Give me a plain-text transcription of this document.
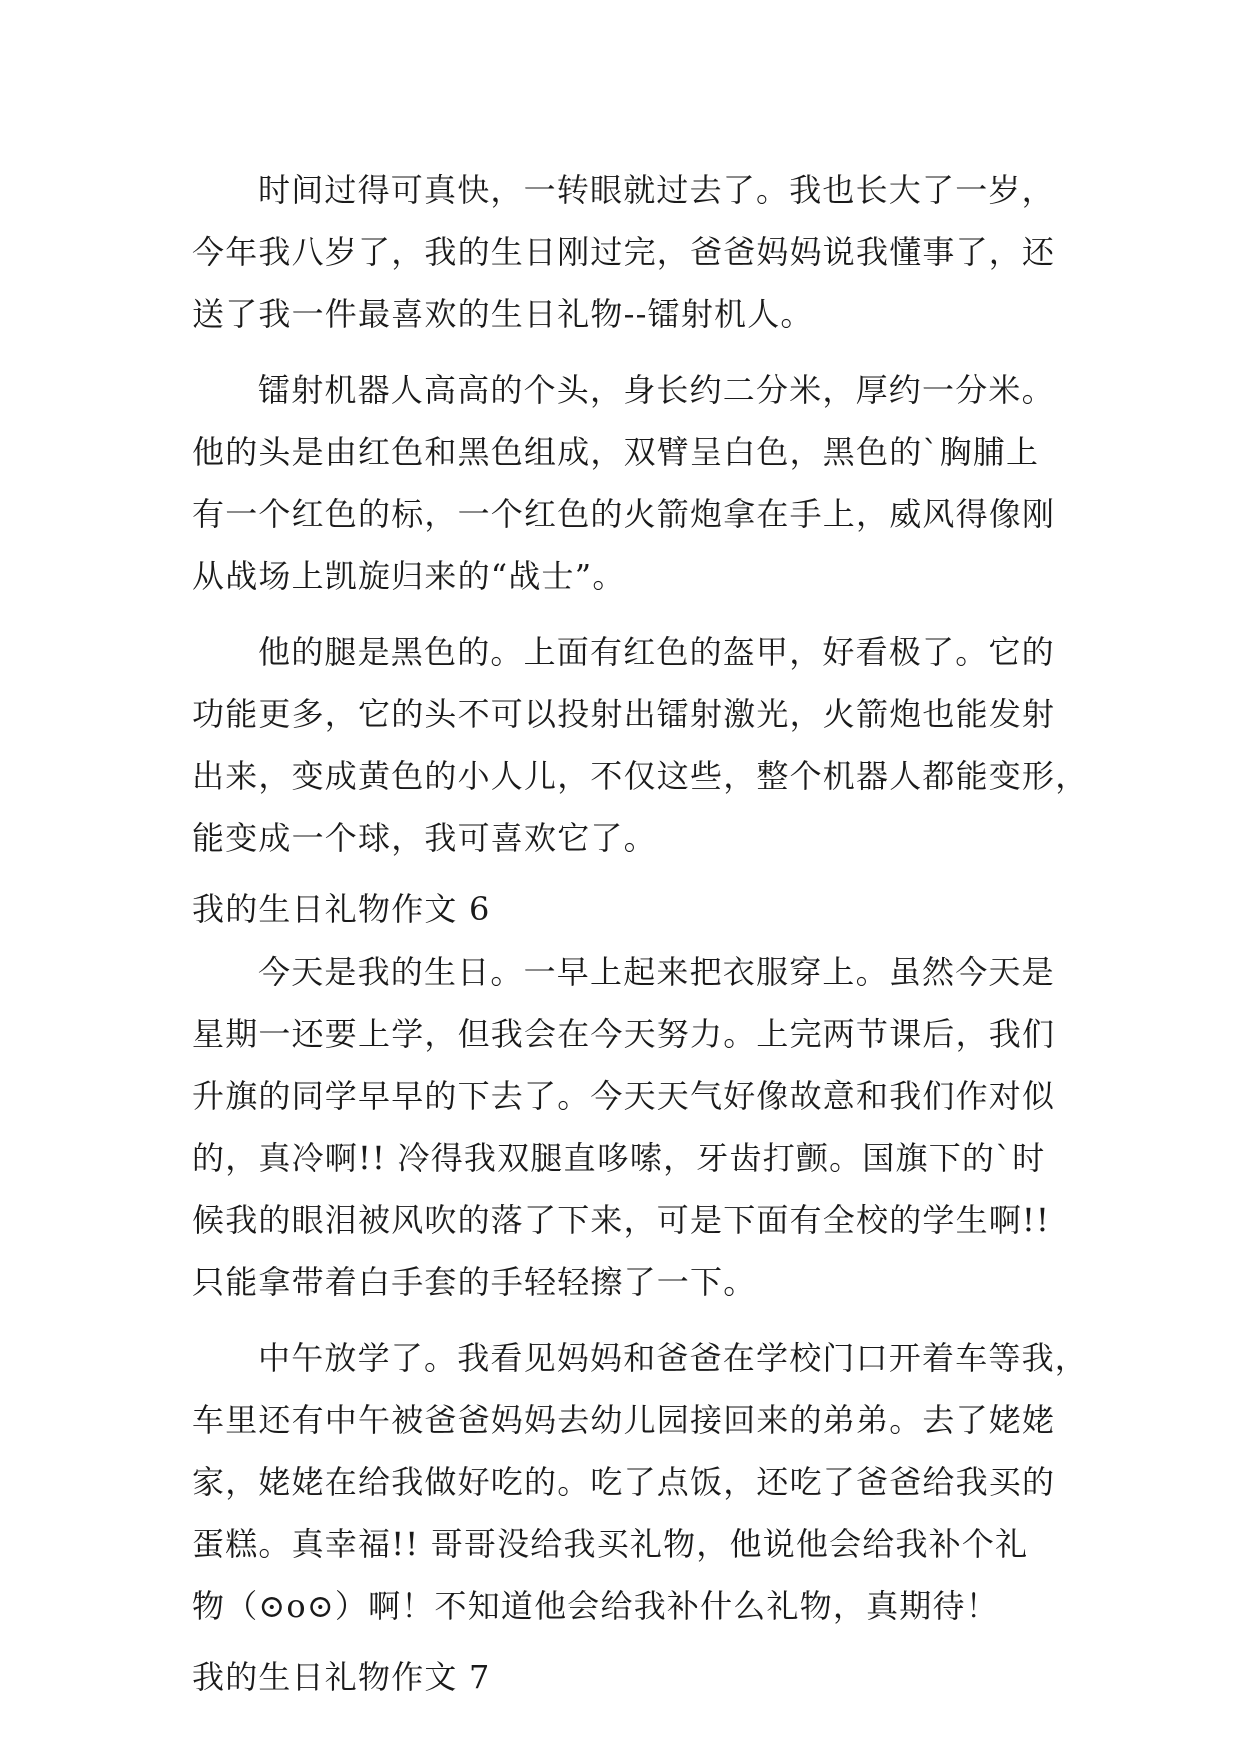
时间过得可真快，一转眼就过去了。我也长大了一岁，
今年我八岁了，我的生日刚过完，爸爸妈妈说我懂事了，还
送了我一件最喜欢的生日礼物--镭射机人。
镭射机器人高高的个头，身长约二分米，厚约一分米。
他的头是由红色和黑色组成，双臂呈白色，黑色的`胸脯上
有一个红色的标，一个红色的火箭炮拿在手上，威风得像刚
从战场上凯旋归来的“战士”。
他的腿是黑色的。上面有红色的盔甲，好看极了。它的
功能更多，它的头不可以投射出镭射激光，火箭炮也能发射
出来，变成黄色的小人儿，不仅这些，整个机器人都能变形，
能变成一个球，我可喜欢它了。
我的生日礼物作文 6
今天是我的生日。一早上起来把衣服穿上。虽然今天是
星期一还要上学，但我会在今天努力。上完两节课后，我们
升旗的同学早早的下去了。今天天气好像故意和我们作对似
的，真冷啊!! 冷得我双腿直哆嗦，牙齿打颤。国旗下的`时
候我的眼泪被风吹的落了下来，可是下面有全校的学生啊!!
只能拿带着白手套的手轻轻擦了一下。
中午放学了。我看见妈妈和爸爸在学校门口开着车等我，
车里还有中午被爸爸妈妈去幼儿园接回来的弟弟。去了姥姥
家，姥姥在给我做好吃的。吃了点饭，还吃了爸爸给我买的
蛋糕。真幸福!! 哥哥没给我买礼物，他说他会给我补个礼
物（⊙o⊙）啊！不知道他会给我补什么礼物，真期待！
我的生日礼物作文 7
